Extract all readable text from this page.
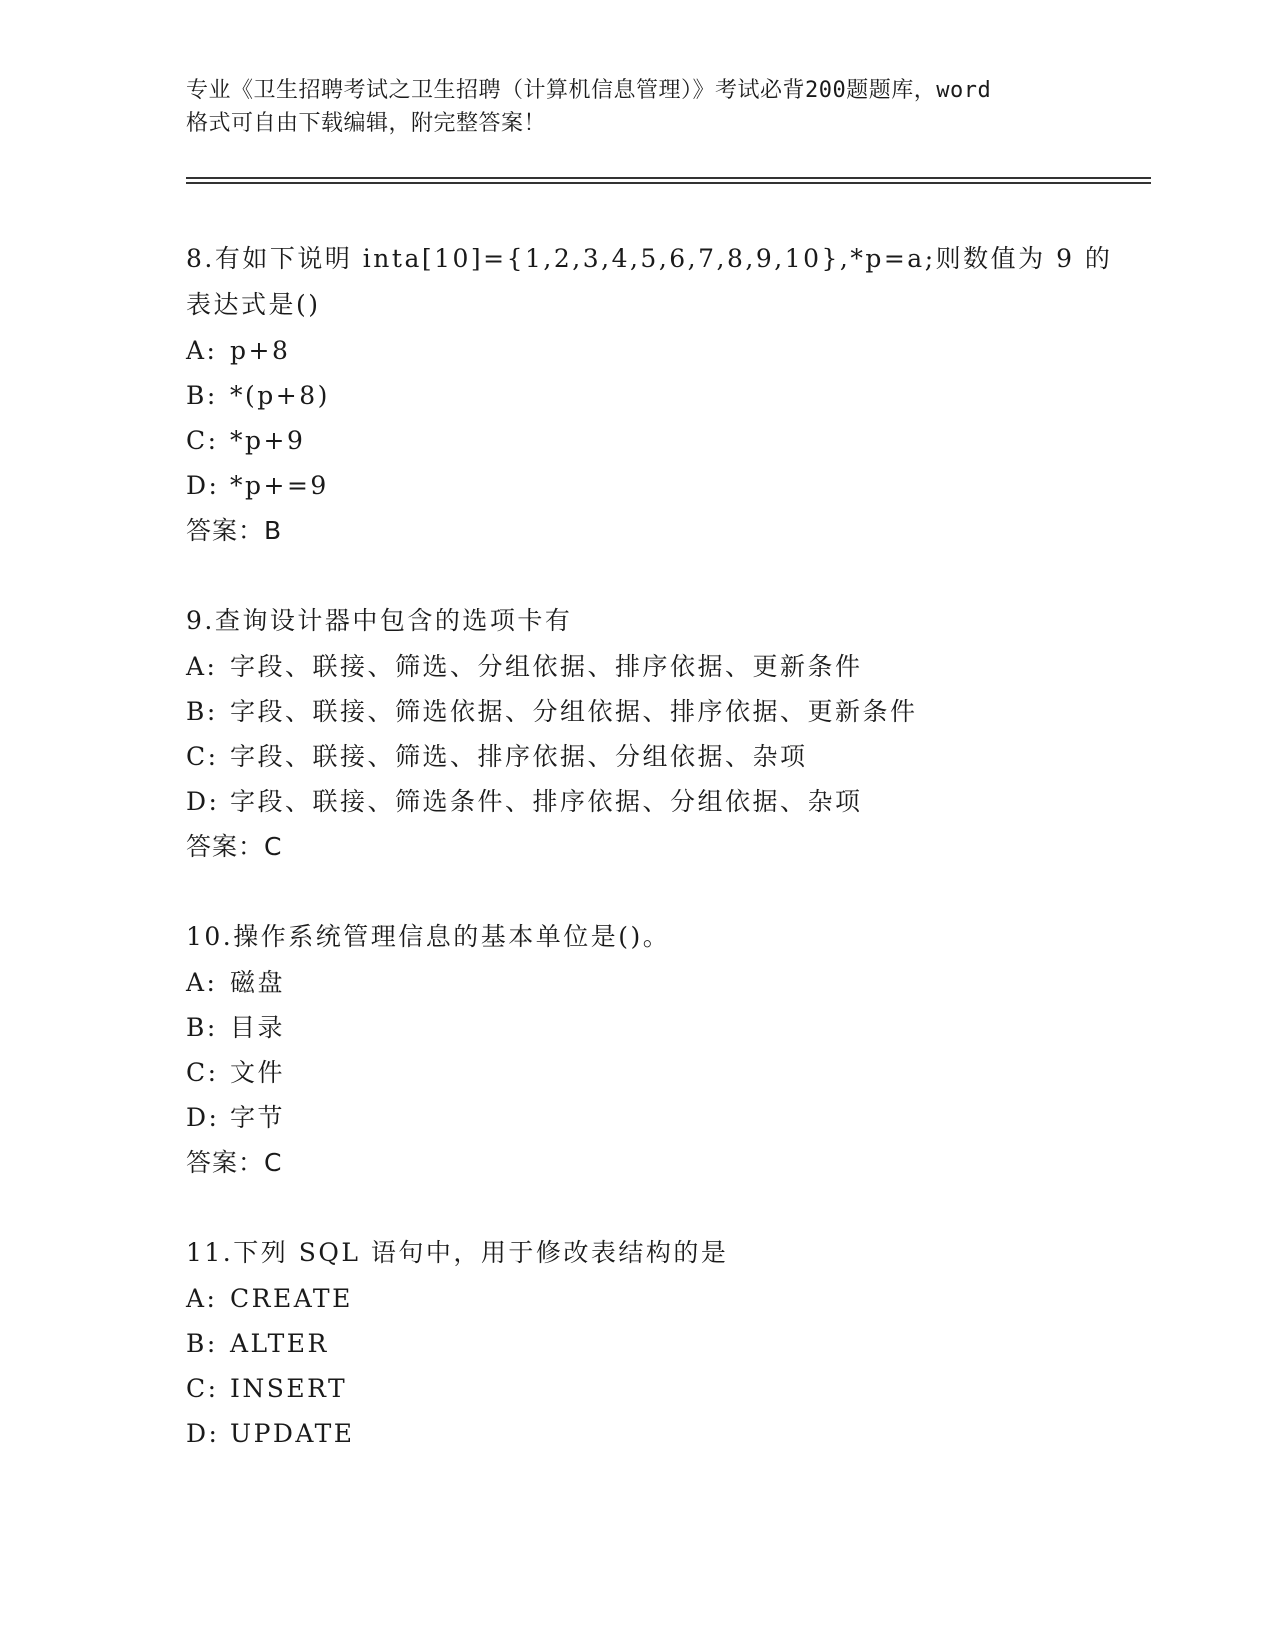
专业《卫生招聘考试之卫生招聘（计算机信息管理）》考试必背200题题库，word
格式可自由下载编辑，附完整答案！

8.有如下说明 inta[10]={1,2,3,4,5,6,7,8,9,10},*p=a;则数值为 9 的

表达式是()

A: p+8

B: *(p+8)

C: *p+9

D: *p+=9

答案：B

9.查询设计器中包含的选项卡有

A: 字段、联接、筛选、分组依据、排序依据、更新条件

B: 字段、联接、筛选依据、分组依据、排序依据、更新条件

C: 字段、联接、筛选、排序依据、分组依据、杂项

D: 字段、联接、筛选条件、排序依据、分组依据、杂项

答案：C

10.操作系统管理信息的基本单位是()。

A: 磁盘

B: 目录

C: 文件

D: 字节

答案：C

11.下列 SQL 语句中，用于修改表结构的是

A: CREATE

B: ALTER

C: INSERT

D: UPDATE
